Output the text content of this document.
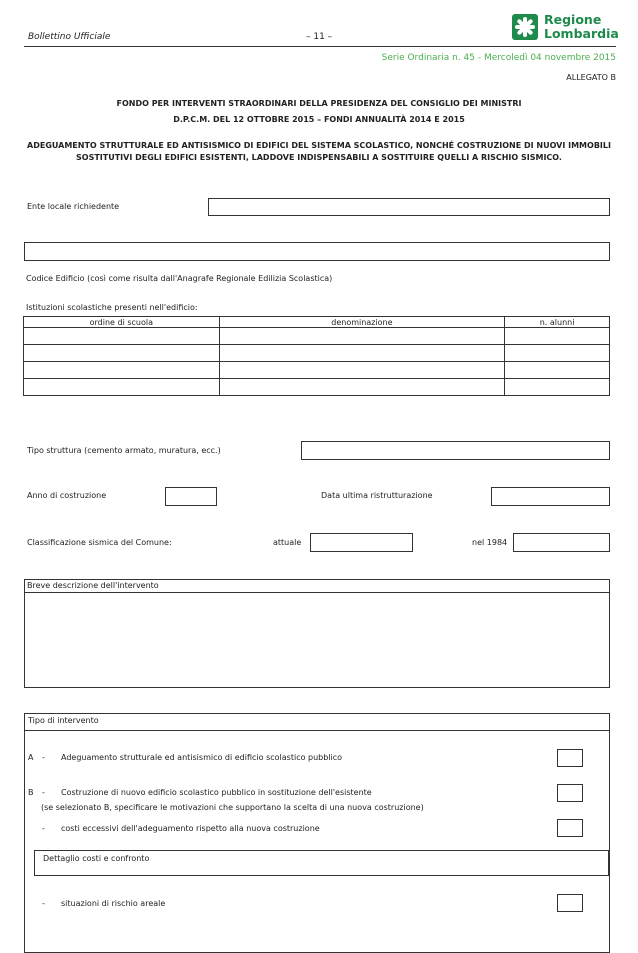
Bollettino Ufficiale	– 11 –
Regione
Lombardia
Serie Ordinaria n. 45 - Mercoledì 04 novembre 2015
ALLEGATO B
FONDO PER INTERVENTI STRAORDINARI DELLA PRESIDENZA DEL CONSIGLIO DEI MINISTRI
D.P.C.M. DEL 12 OTTOBRE 2015 – FONDI ANNUALITÀ 2014 E 2015
ADEGUAMENTO STRUTTURALE ED ANTISISMICO DI EDIFICI DEL SISTEMA SCOLASTICO, NONCHÉ COSTRUZIONE DI NUOVI IMMOBILI
SOSTITUTIVI DEGLI EDIFICI ESISTENTI, LADDOVE INDISPENSABILI A SOSTITUIRE QUELLI A RISCHIO SISMICO.
Ente locale richiedente
Codice Edificio (così come risulta dall'Anagrafe Regionale Edilizia Scolastica)
Istituzioni scolastiche presenti nell'edificio:
ordine di scuola	denominazione	n. alunni

Tipo struttura (cemento armato, muratura, ecc.)
Anno di costruzione	Data ultima ristrutturazione
Classificazione sismica del Comune:	attuale	nel 1984
Breve descrizione dell'intervento
Tipo di intervento
A - Adeguamento strutturale ed antisismico di edificio scolastico pubblico
B - Costruzione di nuovo edificio scolastico pubblico in sostituzione dell'esistente
(se selezionato B, specificare le motivazioni che supportano la scelta di una nuova costruzione)
- costi eccessivi dell'adeguamento rispetto alla nuova costruzione
Dettaglio costi e confronto
- situazioni di rischio areale
